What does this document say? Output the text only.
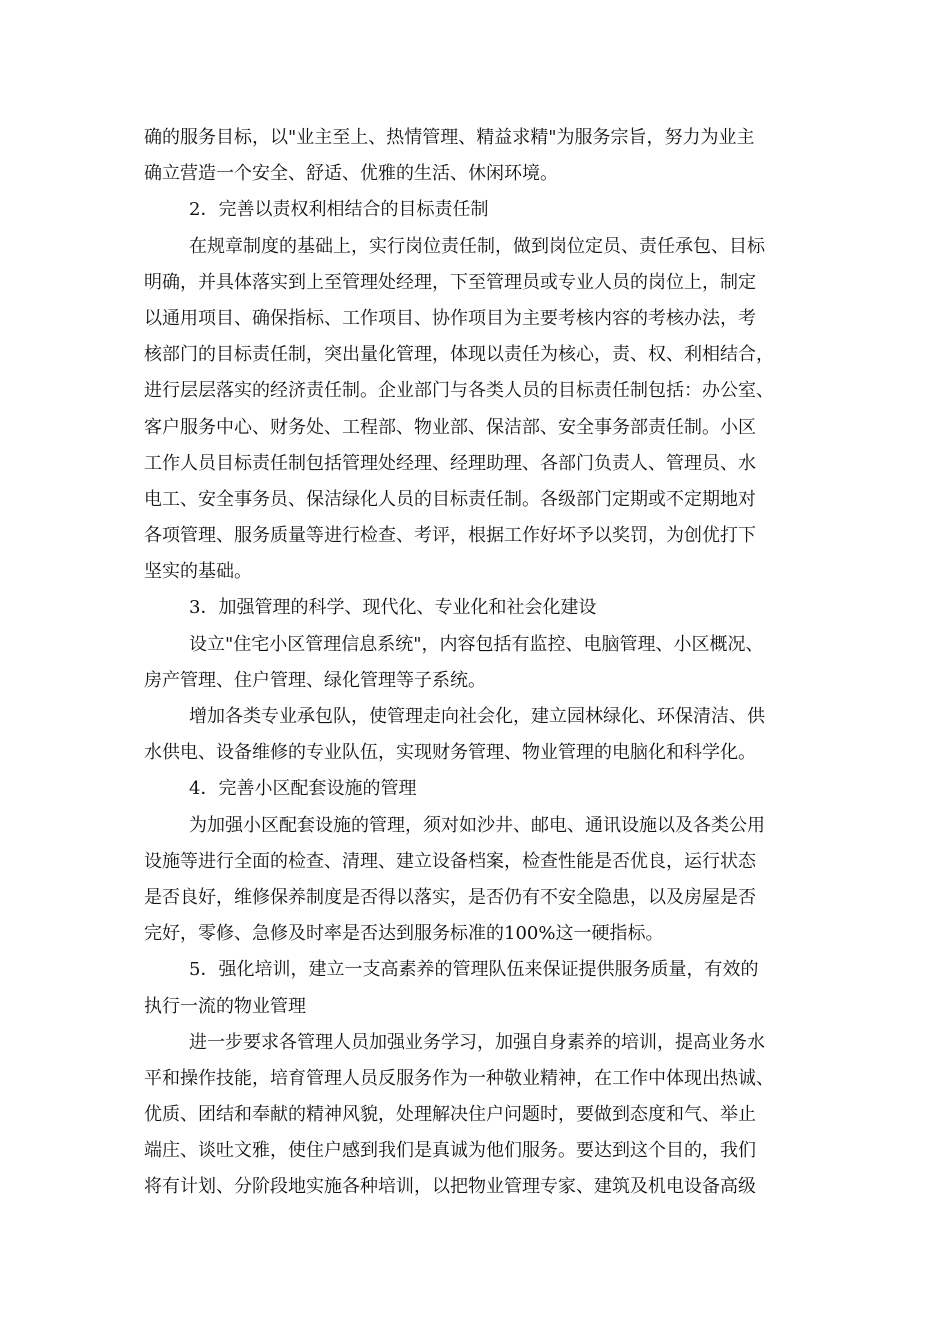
确的服务目标，以"业主至上、热情管理、精益求精"为服务宗旨，努力为业主
确立营造一个安全、舒适、优雅的生活、休闲环境。
2．完善以责权利相结合的目标责任制
在规章制度的基础上，实行岗位责任制，做到岗位定员、责任承包、目标
明确，并具体落实到上至管理处经理，下至管理员或专业人员的岗位上，制定
以通用项目、确保指标、工作项目、协作项目为主要考核内容的考核办法，考
核部门的目标责任制，突出量化管理，体现以责任为核心，责、权、利相结合，
进行层层落实的经济责任制。企业部门与各类人员的目标责任制包括：办公室、
客户服务中心、财务处、工程部、物业部、保洁部、安全事务部责任制。小区
工作人员目标责任制包括管理处经理、经理助理、各部门负责人、管理员、水
电工、安全事务员、保洁绿化人员的目标责任制。各级部门定期或不定期地对
各项管理、服务质量等进行检查、考评，根据工作好坏予以奖罚，为创优打下
坚实的基础。
3．加强管理的科学、现代化、专业化和社会化建设
设立"住宅小区管理信息系统"，内容包括有监控、电脑管理、小区概况、
房产管理、住户管理、绿化管理等子系统。
增加各类专业承包队，使管理走向社会化，建立园林绿化、环保清洁、供
水供电、设备维修的专业队伍，实现财务管理、物业管理的电脑化和科学化。
4．完善小区配套设施的管理
为加强小区配套设施的管理，须对如沙井、邮电、通讯设施以及各类公用
设施等进行全面的检查、清理、建立设备档案，检查性能是否优良，运行状态
是否良好，维修保养制度是否得以落实，是否仍有不安全隐患，以及房屋是否
完好，零修、急修及时率是否达到服务标准的100%这一硬指标。
5．强化培训，建立一支高素养的管理队伍来保证提供服务质量，有效的
执行一流的物业管理
进一步要求各管理人员加强业务学习，加强自身素养的培训，提高业务水
平和操作技能，培育管理人员反服务作为一种敬业精神，在工作中体现出热诚、
优质、团结和奉献的精神风貌，处理解决住户问题时，要做到态度和气、举止
端庄、谈吐文雅，使住户感到我们是真诚为他们服务。要达到这个目的，我们
将有计划、分阶段地实施各种培训，以把物业管理专家、建筑及机电设备高级
